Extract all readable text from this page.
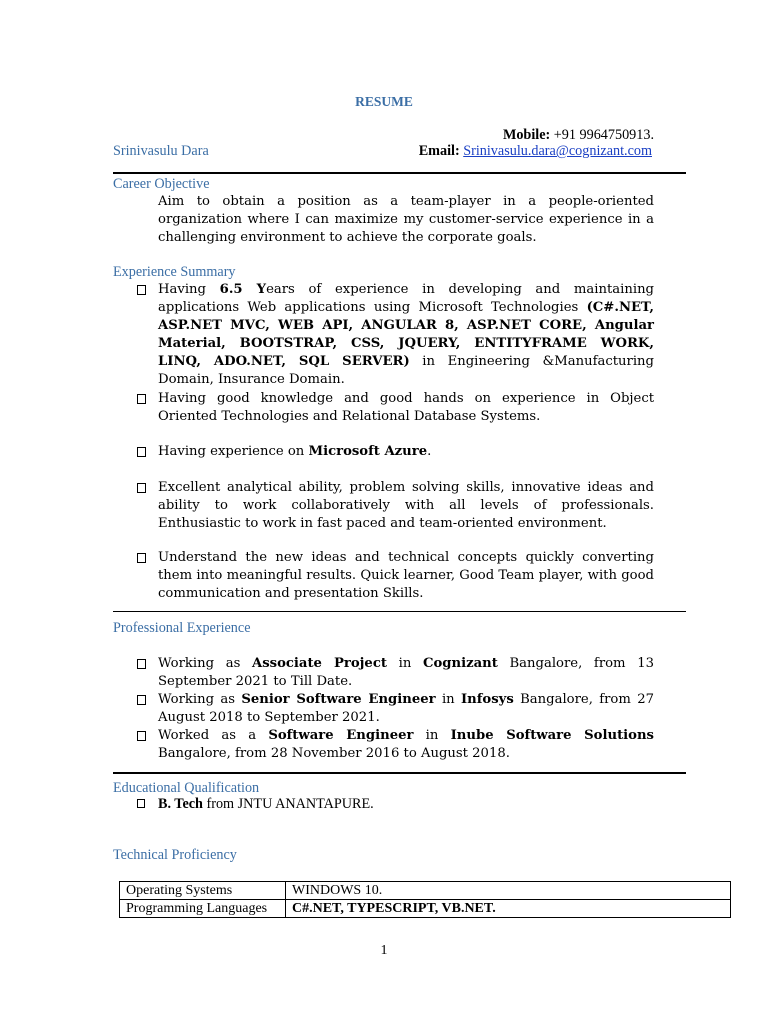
RESUME
Mobile: +91 9964750913.
Srinivasulu Dara	Email: Srinivasulu.dara@cognizant.com
Career Objective
Aim to obtain a position as a team-player in a people-oriented organization where I can maximize my customer-service experience in a challenging environment to achieve the corporate goals.
Experience Summary
Having 6.5 Years of experience in developing and maintaining applications Web applications using Microsoft Technologies (C#.NET, ASP.NET MVC, WEB API, ANGULAR 8, ASP.NET CORE, Angular Material, BOOTSTRAP, CSS, JQUERY, ENTITYFRAME WORK, LINQ, ADO.NET, SQL SERVER) in Engineering &Manufacturing Domain, Insurance Domain.
Having good knowledge and good hands on experience in Object Oriented Technologies and Relational Database Systems.
Having experience on Microsoft Azure.
Excellent analytical ability, problem solving skills, innovative ideas and ability to work collaboratively with all levels of professionals. Enthusiastic to work in fast paced and team-oriented environment.
Understand the new ideas and technical concepts quickly converting them into meaningful results. Quick learner, Good Team player, with good communication and presentation Skills.
Professional Experience
Working as Associate Project in Cognizant Bangalore, from 13 September 2021 to Till Date.
Working as Senior Software Engineer in Infosys Bangalore, from 27 August 2018 to September 2021.
Worked as a Software Engineer in Inube Software Solutions Bangalore, from 28 November 2016 to August 2018.
Educational Qualification
B. Tech from JNTU ANANTAPURE.
Technical Proficiency
Operating Systems	WINDOWS 10.
Programming Languages	C#.NET, TYPESCRIPT, VB.NET.
1
